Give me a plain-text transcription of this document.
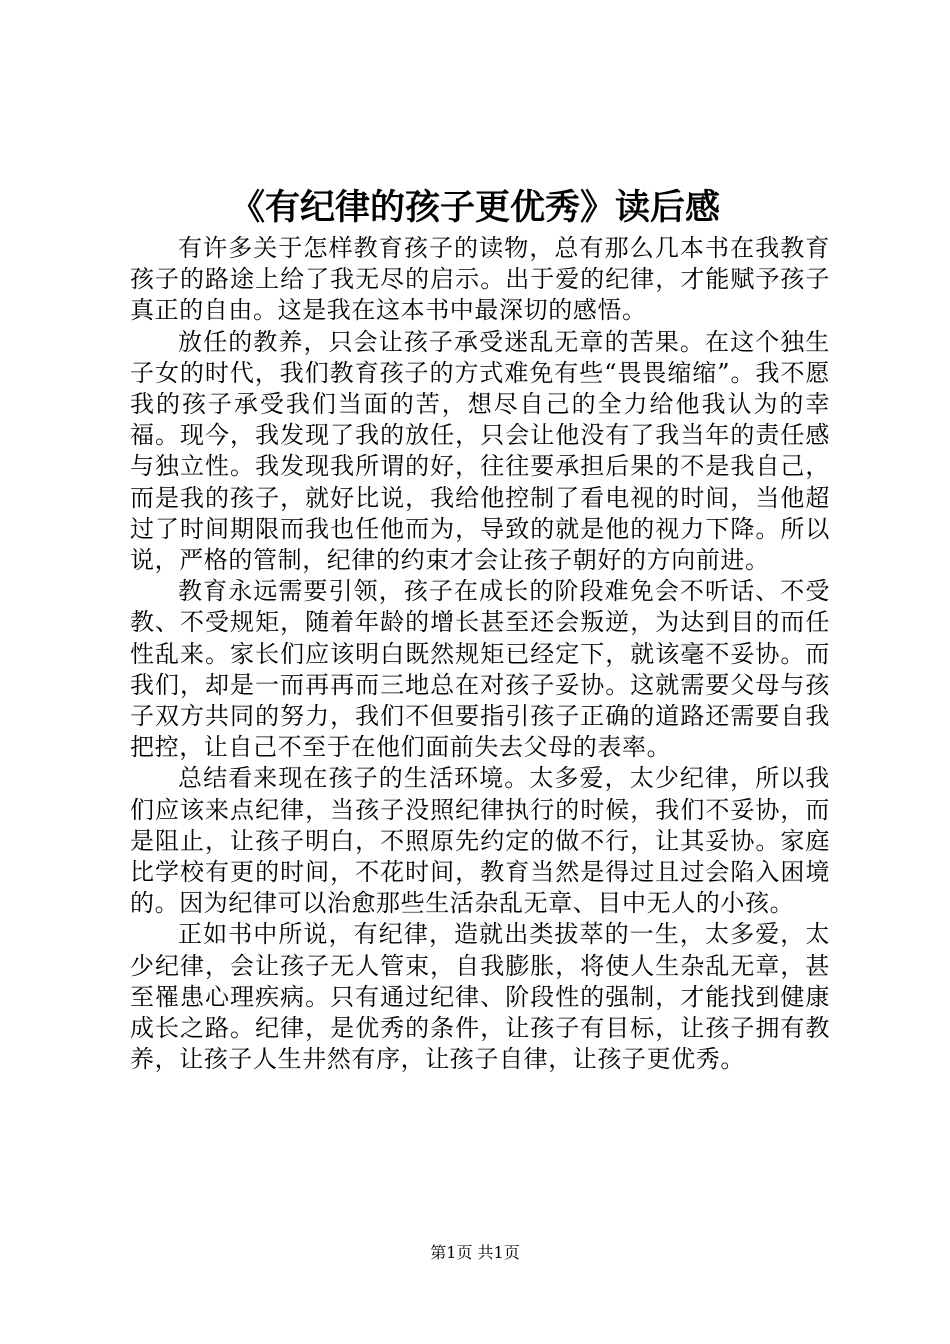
《有纪律的孩子更优秀》读后感

有许多关于怎样教育孩子的读物，总有那么几本书在我教育孩子的路途上给了我无尽的启示。出于爱的纪律，才能赋予孩子真正的自由。这是我在这本书中最深切的感悟。

放任的教养，只会让孩子承受迷乱无章的苦果。在这个独生子女的时代，我们教育孩子的方式难免有些“畏畏缩缩”。我不愿我的孩子承受我们当面的苦，想尽自己的全力给他我认为的幸福。现今，我发现了我的放任，只会让他没有了我当年的责任感与独立性。我发现我所谓的好，往往要承担后果的不是我自己，而是我的孩子，就好比说，我给他控制了看电视的时间，当他超过了时间期限而我也任他而为，导致的就是他的视力下降。所以说，严格的管制，纪律的约束才会让孩子朝好的方向前进。

教育永远需要引领，孩子在成长的阶段难免会不听话、不受教、不受规矩，随着年龄的增长甚至还会叛逆，为达到目的而任性乱来。家长们应该明白既然规矩已经定下，就该毫不妥协。而我们，却是一而再再而三地总在对孩子妥协。这就需要父母与孩子双方共同的努力，我们不但要指引孩子正确的道路还需要自我把控，让自己不至于在他们面前失去父母的表率。

总结看来现在孩子的生活环境。太多爱，太少纪律，所以我们应该来点纪律，当孩子没照纪律执行的时候，我们不妥协，而是阻止，让孩子明白，不照原先约定的做不行，让其妥协。家庭比学校有更的时间，不花时间，教育当然是得过且过会陷入困境的。因为纪律可以治愈那些生活杂乱无章、目中无人的小孩。

正如书中所说，有纪律，造就出类拔萃的一生，太多爱，太少纪律，会让孩子无人管束，自我膨胀，将使人生杂乱无章，甚至罹患心理疾病。只有通过纪律、阶段性的强制，才能找到健康成长之路。纪律，是优秀的条件，让孩子有目标，让孩子拥有教养，让孩子人生井然有序，让孩子自律，让孩子更优秀。

第1页 共1页
